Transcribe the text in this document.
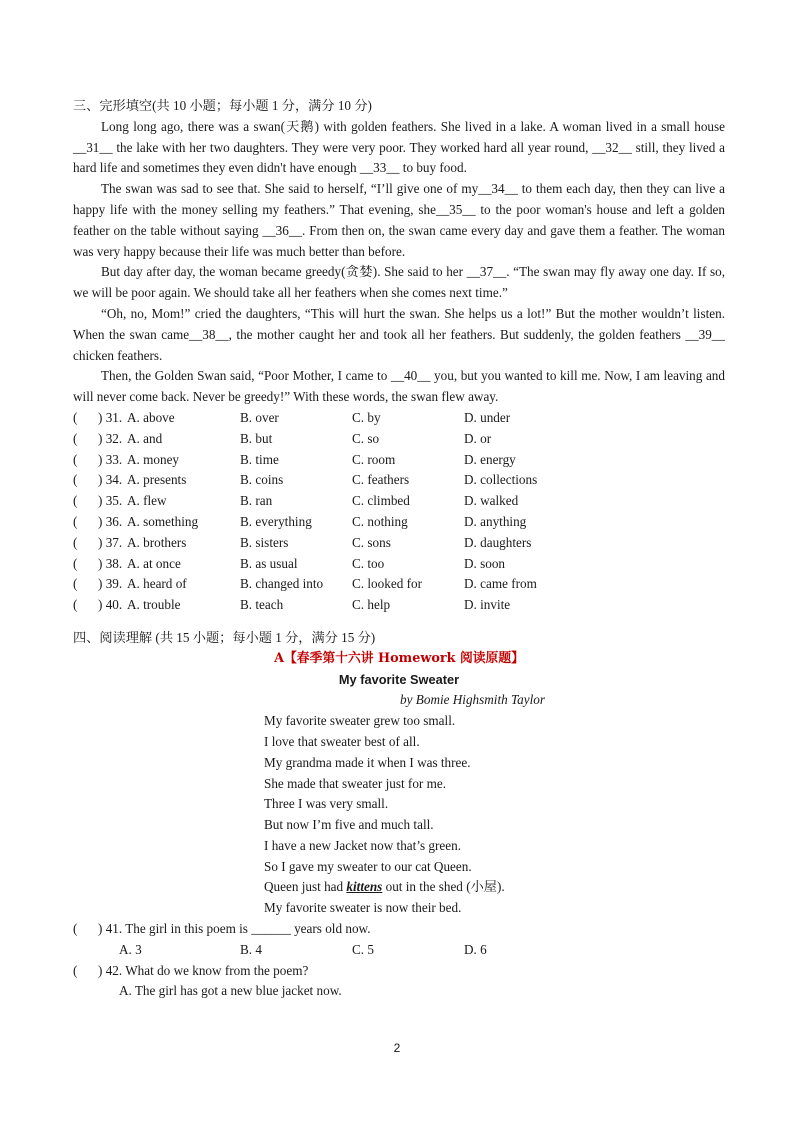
三、完形填空(共 10 小题；每小题 1 分，满分 10 分)

Long long ago, there was a swan(天鹅) with golden feathers. She lived in a lake. A woman lived in a small house __31__ the lake with her two daughters. They were very poor. They worked hard all year round, __32__ still, they lived a hard life and sometimes they even didn't have enough __33__ to buy food.

The swan was sad to see that. She said to herself, “I’ll give one of my__34__ to them each day, then they can live a happy life with the money selling my feathers.” That evening, she__35__ to the poor woman's house and left a golden feather on the table without saying __36__. From then on, the swan came every day and gave them a feather. The woman was very happy because their life was much better than before.

But day after day, the woman became greedy(贪婪). She said to her __37__. “The swan may fly away one day. If so, we will be poor again. We should take all her feathers when she comes next time.”

“Oh, no, Mom!” cried the daughters, “This will hurt the swan. She helps us a lot!” But the mother wouldn’t listen. When the swan came__38__, the mother caught her and took all her feathers. But suddenly, the golden feathers __39__ chicken feathers.

Then, the Golden Swan said, “Poor Mother, I came to __40__ you, but you wanted to kill me. Now, I am leaving and will never come back. Never be greedy!” With these words, the swan flew away.

( ) 31. A. above	B. over	C. by	D. under
( ) 32. A. and	B. but	C. so	D. or
( ) 33. A. money	B. time	C. room	D. energy
( ) 34. A. presents	B. coins	C. feathers	D. collections
( ) 35. A. flew	B. ran	C. climbed	D. walked
( ) 36. A. something	B. everything	C. nothing	D. anything
( ) 37. A. brothers	B. sisters	C. sons	D. daughters
( ) 38. A. at once	B. as usual	C. too	D. soon
( ) 39. A. heard of	B. changed into C. looked for	D. came from
( ) 40. A. trouble	B. teach	C. help	D. invite

四、阅读理解 (共 15 小题；每小题 1 分，满分 15 分)

A【春季第十六讲 Homework 阅读原题】

My favorite Sweater

by Bomie Highsmith Taylor

My favorite sweater grew too small.

I love that sweater best of all.

My grandma made it when I was three.

She made that sweater just for me.

Three I was very small.

But now I’m five and much tall.

I have a new Jacket now that’s green.

So I gave my sweater to our cat Queen.

Queen just had kittens out in the shed (小屋).

My favorite sweater is now their bed.

( ) 41. The girl in this poem is ______ years old now.
A. 3	B. 4	C. 5	D. 6
( ) 42. What do we know from the poem?
A. The girl has got a new blue jacket now.
2
